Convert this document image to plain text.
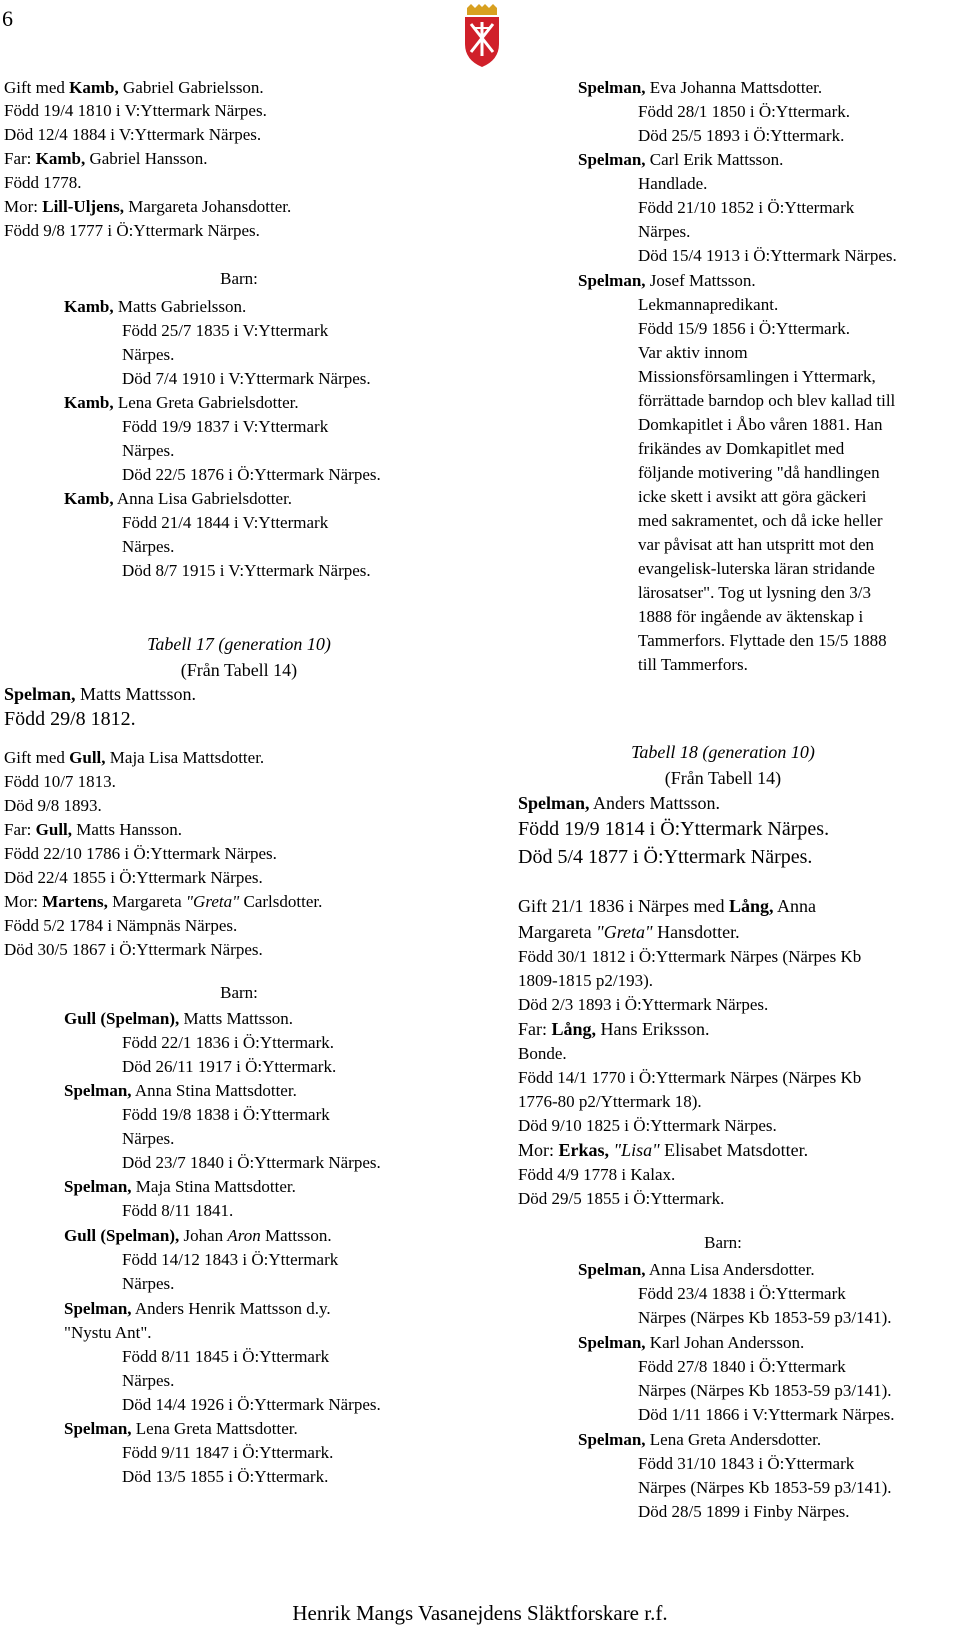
6
Gift med Kamb, Gabriel Gabrielsson.
Född 19/4 1810 i V:Yttermark Närpes.
Död 12/4 1884 i V:Yttermark Närpes.
Far: Kamb, Gabriel Hansson.
Född 1778.
Mor: Lill-Uljens, Margareta Johansdotter.
Född 9/8 1777 i Ö:Yttermark Närpes.
Barn:
Kamb, Matts Gabrielsson.
Född 25/7 1835 i V:Yttermark
Närpes.
Död 7/4 1910 i V:Yttermark Närpes.
Kamb, Lena Greta Gabrielsdotter.
Född 19/9 1837 i V:Yttermark
Närpes.
Död 22/5 1876 i Ö:Yttermark Närpes.
Kamb, Anna Lisa Gabrielsdotter.
Född 21/4 1844 i V:Yttermark
Närpes.
Död 8/7 1915 i V:Yttermark Närpes.
Tabell 17 (generation 10)
(Från Tabell 14)
Spelman, Matts Mattsson.
Född 29/8 1812.
Gift med Gull, Maja Lisa Mattsdotter.
Född 10/7 1813.
Död 9/8 1893.
Far: Gull, Matts Hansson.
Född 22/10 1786 i Ö:Yttermark Närpes.
Död 22/4 1855 i Ö:Yttermark Närpes.
Mor: Martens, Margareta "Greta" Carlsdotter.
Född 5/2 1784 i Nämpnäs Närpes.
Död 30/5 1867 i Ö:Yttermark Närpes.
Barn:
Gull (Spelman), Matts Mattsson.
Född 22/1 1836 i Ö:Yttermark.
Död 26/11 1917 i Ö:Yttermark.
Spelman, Anna Stina Mattsdotter.
Född 19/8 1838 i Ö:Yttermark
Närpes.
Död 23/7 1840 i Ö:Yttermark Närpes.
Spelman, Maja Stina Mattsdotter.
Född 8/11 1841.
Gull (Spelman), Johan Aron Mattsson.
Född 14/12 1843 i Ö:Yttermark
Närpes.
Spelman, Anders Henrik Mattsson d.y.
"Nystu Ant".
Född 8/11 1845 i Ö:Yttermark
Närpes.
Död 14/4 1926 i Ö:Yttermark Närpes.
Spelman, Lena Greta Mattsdotter.
Född 9/11 1847 i Ö:Yttermark.
Död 13/5 1855 i Ö:Yttermark.
Spelman, Eva Johanna Mattsdotter.
Född 28/1 1850 i Ö:Yttermark.
Död 25/5 1893 i Ö:Yttermark.
Spelman, Carl Erik Mattsson.
Handlade.
Född 21/10 1852 i Ö:Yttermark
Närpes.
Död 15/4 1913 i Ö:Yttermark Närpes.
Spelman, Josef Mattsson.
Lekmannapredikant.
Född 15/9 1856 i Ö:Yttermark.
Var aktiv innom
Missionsförsamlingen i Yttermark,
förrättade barndop och blev kallad till
Domkapitlet i Åbo våren 1881. Han
frikändes av Domkapitlet med
följande motivering "då handlingen
icke skett i avsikt att göra gäckeri
med sakramentet, och då icke heller
var påvisat att han utspritt mot den
evangelisk-luterska läran stridande
lärosatser". Tog ut lysning den 3/3
1888 för ingående av äktenskap i
Tammerfors. Flyttade den 15/5 1888
till Tammerfors.
Tabell 18 (generation 10)
(Från Tabell 14)
Spelman, Anders Mattsson.
Född 19/9 1814 i Ö:Yttermark Närpes.
Död 5/4 1877 i Ö:Yttermark Närpes.
Gift 21/1 1836 i Närpes med Lång, Anna
Margareta "Greta" Hansdotter.
Född 30/1 1812 i Ö:Yttermark Närpes (Närpes Kb
1809-1815 p2/193).
Död 2/3 1893 i Ö:Yttermark Närpes.
Far: Lång, Hans Eriksson.
Bonde.
Född 14/1 1770 i Ö:Yttermark Närpes (Närpes Kb
1776-80 p2/Yttermark 18).
Död 9/10 1825 i Ö:Yttermark Närpes.
Mor: Erkas, "Lisa" Elisabet Matsdotter.
Född 4/9 1778 i Kalax.
Död 29/5 1855 i Ö:Yttermark.
Barn:
Spelman, Anna Lisa Andersdotter.
Född 23/4 1838 i Ö:Yttermark
Närpes (Närpes Kb 1853-59 p3/141).
Spelman, Karl Johan Andersson.
Född 27/8 1840 i Ö:Yttermark
Närpes (Närpes Kb 1853-59 p3/141).
Död 1/11 1866 i V:Yttermark Närpes.
Spelman, Lena Greta Andersdotter.
Född 31/10 1843 i Ö:Yttermark
Närpes (Närpes Kb 1853-59 p3/141).
Död 28/5 1899 i Finby Närpes.
Henrik Mangs Vasanejdens Släktforskare r.f.
